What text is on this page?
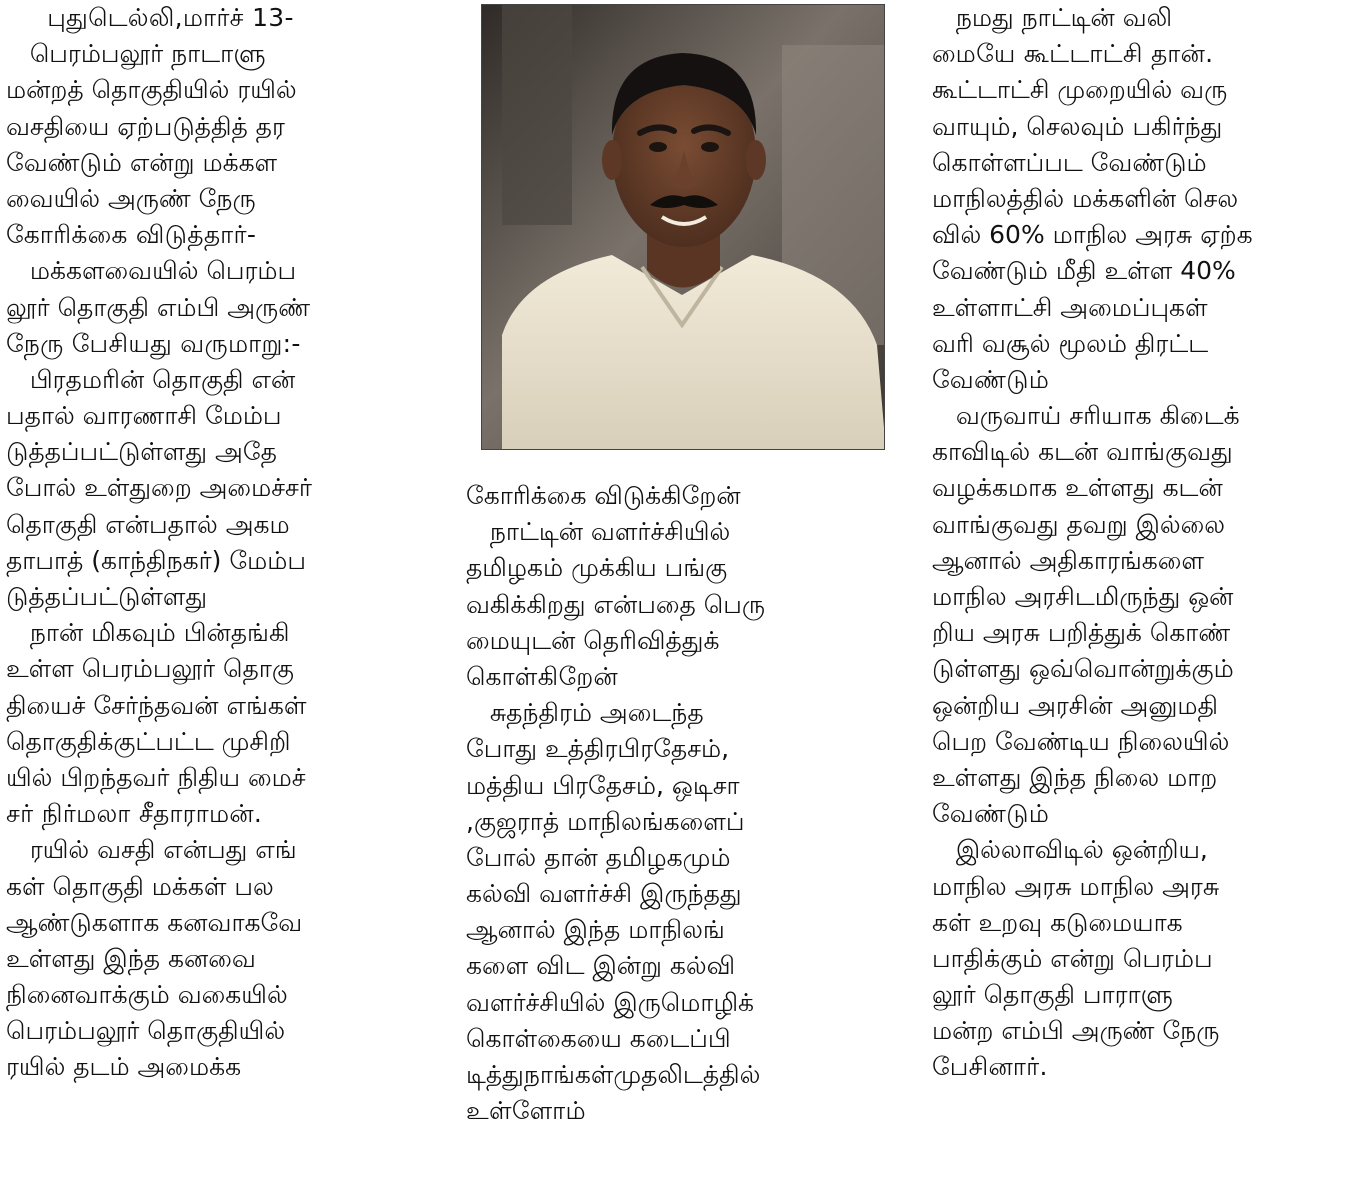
புதுடெல்லி,மார்ச் 13-
பெரம்பலூர் நாடாளு
மன்றத் தொகுதியில் ரயில்
வசதியை ஏற்படுத்தித் தர
வேண்டும் என்று மக்கள
வையில் அருண் நேரு
கோரிக்கை விடுத்தார்-
மக்களவையில் பெரம்ப
லூர் தொகுதி எம்பி அருண்
நேரு பேசியது வருமாறு:-
பிரதமரின் தொகுதி என்
பதால் வாரணாசி மேம்ப
டுத்தப்பட்டுள்ளது அதே
போல் உள்துறை அமைச்சர்
தொகுதி என்பதால் அகம
தாபாத் (காந்திநகர்) மேம்ப
டுத்தப்பட்டுள்ளது
நான் மிகவும் பின்தங்கி
உள்ள பெரம்பலூர் தொகு
தியைச் சேர்ந்தவன் எங்கள்
தொகுதிக்குட்பட்ட முசிறி
யில் பிறந்தவர் நிதிய மைச்
சர் நிர்மலா சீதாராமன்.
ரயில் வசதி என்பது எங்
கள் தொகுதி மக்கள் பல
ஆண்டுகளாக கனவாகவே
உள்ளது இந்த கனவை
நினைவாக்கும் வகையில்
பெரம்பலூர் தொகுதியில்
ரயில் தடம் அமைக்க
கோரிக்கை விடுக்கிறேன்
நாட்டின் வளர்ச்சியில்
தமிழகம் முக்கிய பங்கு
வகிக்கிறது என்பதை பெரு
மையுடன் தெரிவித்துக்
கொள்கிறேன்
சுதந்திரம் அடைந்த
போது உத்திரபிரதேசம்,
மத்திய பிரதேசம், ஒடிசா
,குஜராத் மாநிலங்களைப்
போல் தான் தமிழகமும்
கல்வி வளர்ச்சி இருந்தது
ஆனால் இந்த மாநிலங்
களை விட இன்று கல்வி
வளர்ச்சியில் இருமொழிக்
கொள்கையை கடைப்பி
டித்துநாங்கள்முதலிடத்தில்
உள்ளோம்
நமது நாட்டின் வலி
மையே கூட்டாட்சி தான்.
கூட்டாட்சி முறையில் வரு
வாயும், செலவும் பகிர்ந்து
கொள்ளப்பட வேண்டும்
மாநிலத்தில் மக்களின் செல
வில் 60% மாநில அரசு ஏற்க
வேண்டும் மீதி உள்ள 40%
உள்ளாட்சி அமைப்புகள்
வரி வசூல் மூலம் திரட்ட
வேண்டும்
வருவாய் சரியாக கிடைக்
காவிடில் கடன் வாங்குவது
வழக்கமாக உள்ளது கடன்
வாங்குவது தவறு இல்லை
ஆனால் அதிகாரங்களை
மாநில அரசிடமிருந்து ஒன்
றிய அரசு பறித்துக் கொண்
டுள்ளது ஒவ்வொன்றுக்கும்
ஒன்றிய அரசின் அனுமதி
பெற வேண்டிய நிலையில்
உள்ளது இந்த நிலை மாற
வேண்டும்
இல்லாவிடில் ஒன்றிய,
மாநில அரசு மாநில அரசு
கள் உறவு கடுமையாக
பாதிக்கும் என்று பெரம்ப
லூர் தொகுதி பாராளு
மன்ற எம்பி அருண் நேரு
பேசினார்.
